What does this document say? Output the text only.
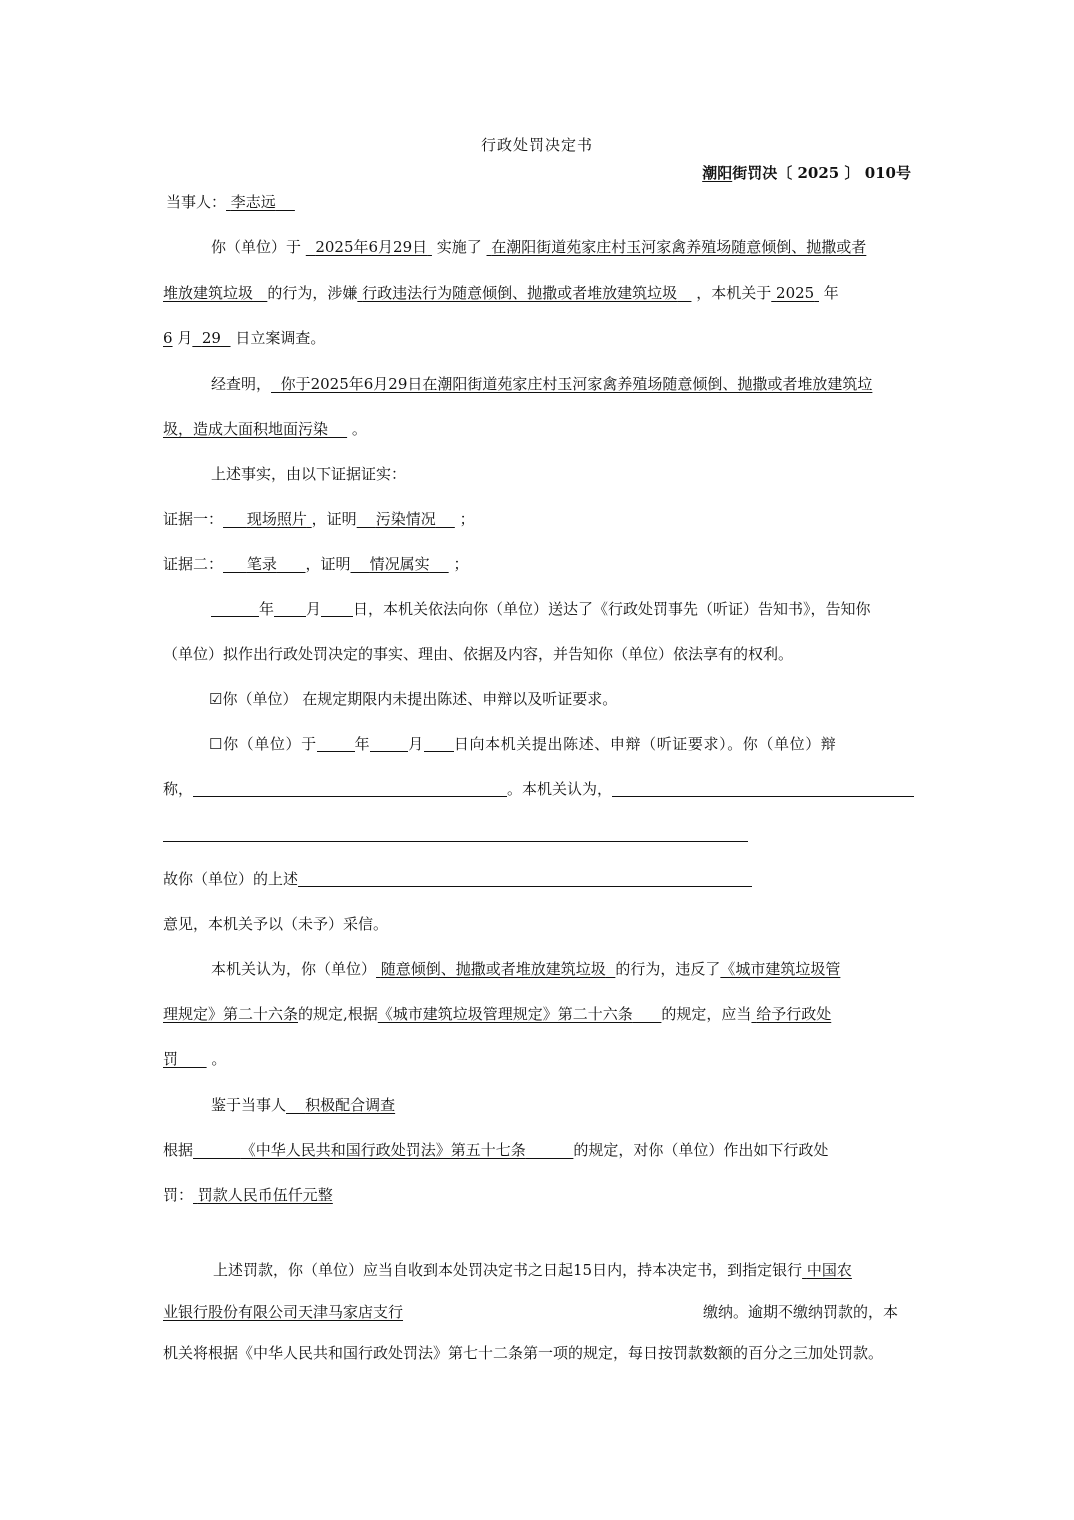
行政处罚决定书
潮阳街罚决〔 2025 〕 010号
当事人： 李志远
你（单位）于 2025年6月29日 实施了 在潮阳街道苑家庄村玉河家禽养殖场随意倾倒、抛撒或者
堆放建筑垃圾 的行为，涉嫌 行政违法行为随意倾倒、抛撒或者堆放建筑垃圾 ，本机关于 2025 年
6 月 29 日立案调查。
经查明， 你于2025年6月29日在潮阳街道苑家庄村玉河家禽养殖场随意倾倒、抛撒或者堆放建筑垃
圾，造成大面积地面污染 。
上述事实，由以下证据证实：
证据一： 现场照片 ，证明 污染情况 ；
证据二： 笔录 ，证明 情况属实 ；
年 月 日，本机关依法向你（单位）送达了《行政处罚事先（听证）告知书》，告知你
（单位）拟作出行政处罚决定的事实、理由、依据及内容，并告知你（单位）依法享有的权利。
☑你（单位） 在规定期限内未提出陈述、申辩以及听证要求。
☐你（单位）于	年	月 日向本机关提出陈述、申辩（听证要求）。你（单位）辩
称，	。本机关认为，
故你（单位）的上述
意见，本机关予以（未予）采信。
本机关认为，你（单位） 随意倾倒、抛撒或者堆放建筑垃圾 的行为，违反了《城市建筑垃圾管
理规定》第二十六条的规定,根据《城市建筑垃圾管理规定》第二十六条 的规定，应当 给予行政处
罚 。
鉴于当事人 积极配合调查
根据	《中华人民共和国行政处罚法》第五十七条	的规定，对你（单位）作出如下行政处
罚： 罚款人民币伍仟元整
上述罚款，你（单位）应当自收到本处罚决定书之日起15日内，持本决定书，到指定银行 中国农
业银行股份有限公司天津马家店支行	缴纳。逾期不缴纳罚款的，本
机关将根据《中华人民共和国行政处罚法》第七十二条第一项的规定，每日按罚款数额的百分之三加处罚款。
